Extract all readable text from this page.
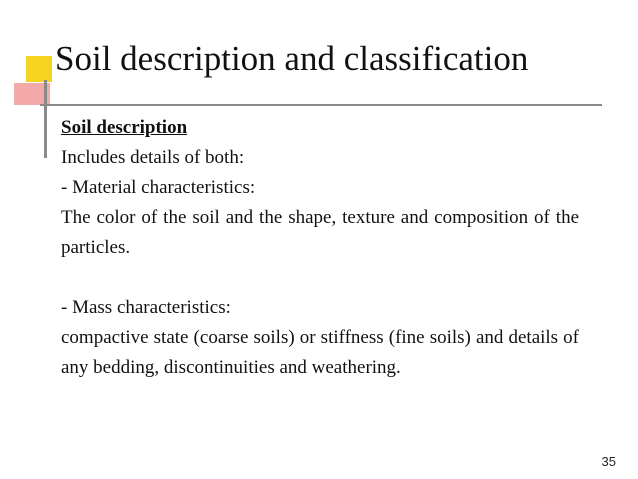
Soil description and classification

Soil description

Includes details of both:

- Material characteristics:

The color of the soil and the shape, texture and composition of the particles.

- Mass characteristics:

compactive state (coarse soils) or stiffness (fine soils) and details of any bedding, discontinuities and weathering.

35
